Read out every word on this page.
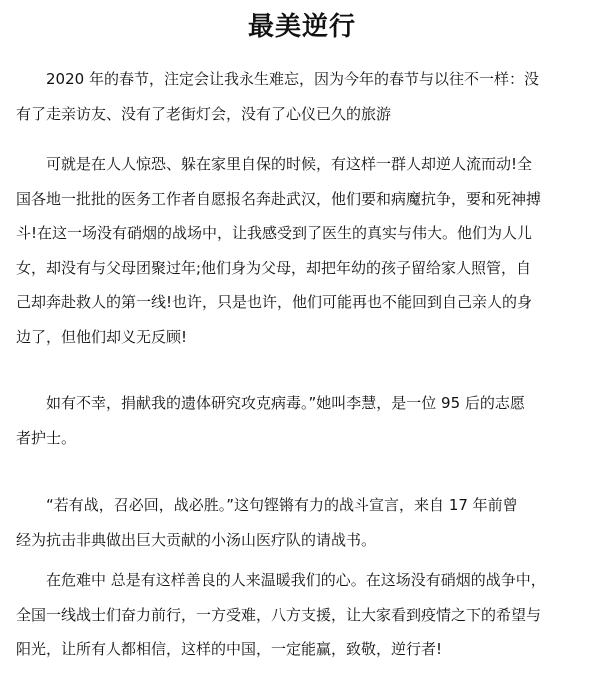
最美逆行
　　2020 年的春节，注定会让我永生难忘，因为今年的春节与以往不一样：没
有了走亲访友、没有了老街灯会，没有了心仪已久的旅游
　　可就是在人人惊恐、躲在家里自保的时候，有这样一群人却逆人流而动!全
国各地一批批的医务工作者自愿报名奔赴武汉，他们要和病魔抗争，要和死神搏
斗!在这一场没有硝烟的战场中，让我感受到了医生的真实与伟大。他们为人儿
女，却没有与父母团聚过年;他们身为父母，却把年幼的孩子留给家人照管，自
己却奔赴救人的第一线!也许，只是也许，他们可能再也不能回到自己亲人的身
边了，但他们却义无反顾!
　　如有不幸，捐献我的遗体研究攻克病毒。”她叫李慧，是一位 95 后的志愿
者护士。
　　“若有战，召必回，战必胜。”这句铿锵有力的战斗宣言，来自 17 年前曾
经为抗击非典做出巨大贡献的小汤山医疗队的请战书。
　　在危难中 总是有这样善良的人来温暖我们的心。在这场没有硝烟的战争中，
全国一线战士们奋力前行，一方受难，八方支援，让大家看到疫情之下的希望与
阳光，让所有人都相信，这样的中国，一定能赢，致敬，逆行者!
